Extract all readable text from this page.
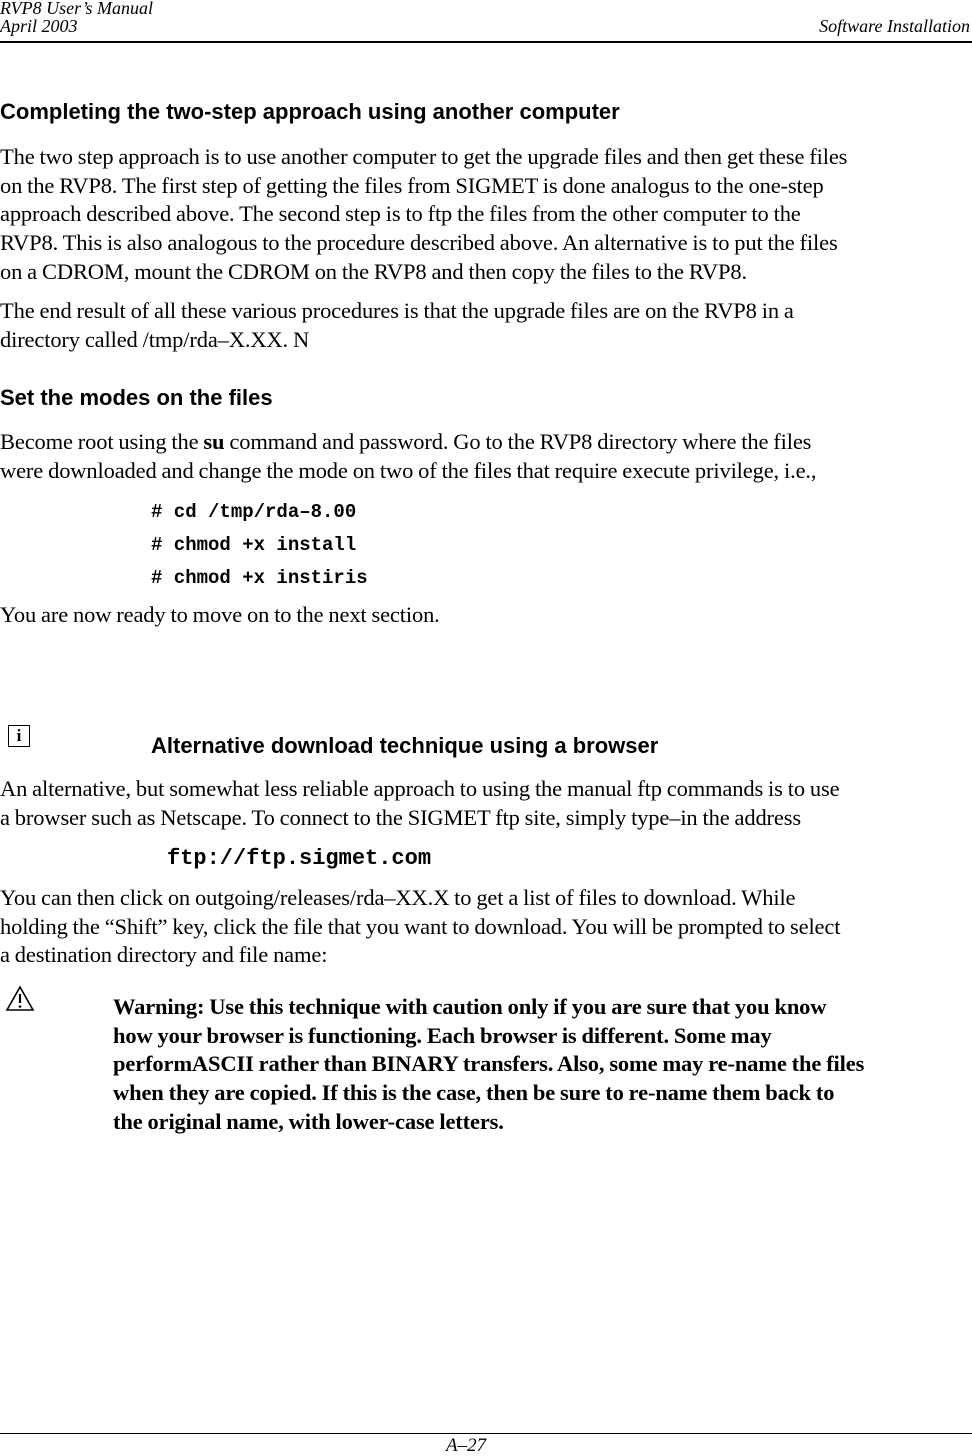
RVP8 User’s Manual
April 2003	Software Installation
Completing the two-step approach using another computer
The two step approach is to use another computer to get the upgrade files and then get these files
on the RVP8. The first step of getting the files from SIGMET is done analogus to the one-step
approach described above. The second step is to ftp the files from the other computer to the
RVP8. This is also analogous to the procedure described above. An alternative is to put the files
on a CDROM, mount the CDROM on the RVP8 and then copy the files to the RVP8.
The end result of all these various procedures is that the upgrade files are on the RVP8 in a
directory called /tmp/rda–X.XX. N
Set the modes on the files
Become root using the su command and password. Go to the RVP8 directory where the files
were downloaded and change the mode on two of the files that require execute privilege, i.e.,
# cd /tmp/rda–8.00
# chmod +x install
# chmod +x instiris
You are now ready to move on to the next section.
i	Alternative download technique using a browser
An alternative, but somewhat less reliable approach to using the manual ftp commands is to use
a browser such as Netscape. To connect to the SIGMET ftp site, simply type–in the address
ftp://ftp.sigmet.com
You can then click on outgoing/releases/rda–XX.X to get a list of files to download. While
holding the “Shift” key, click the file that you want to download. You will be prompted to select
a destination directory and file name:
Warning: Use this technique with caution only if you are sure that you know
how your browser is functioning. Each browser is different. Some may
performASCII rather than BINARY transfers. Also, some may re-name the files
when they are copied. If this is the case, then be sure to re-name them back to
the original name, with lower-case letters.
A–27
